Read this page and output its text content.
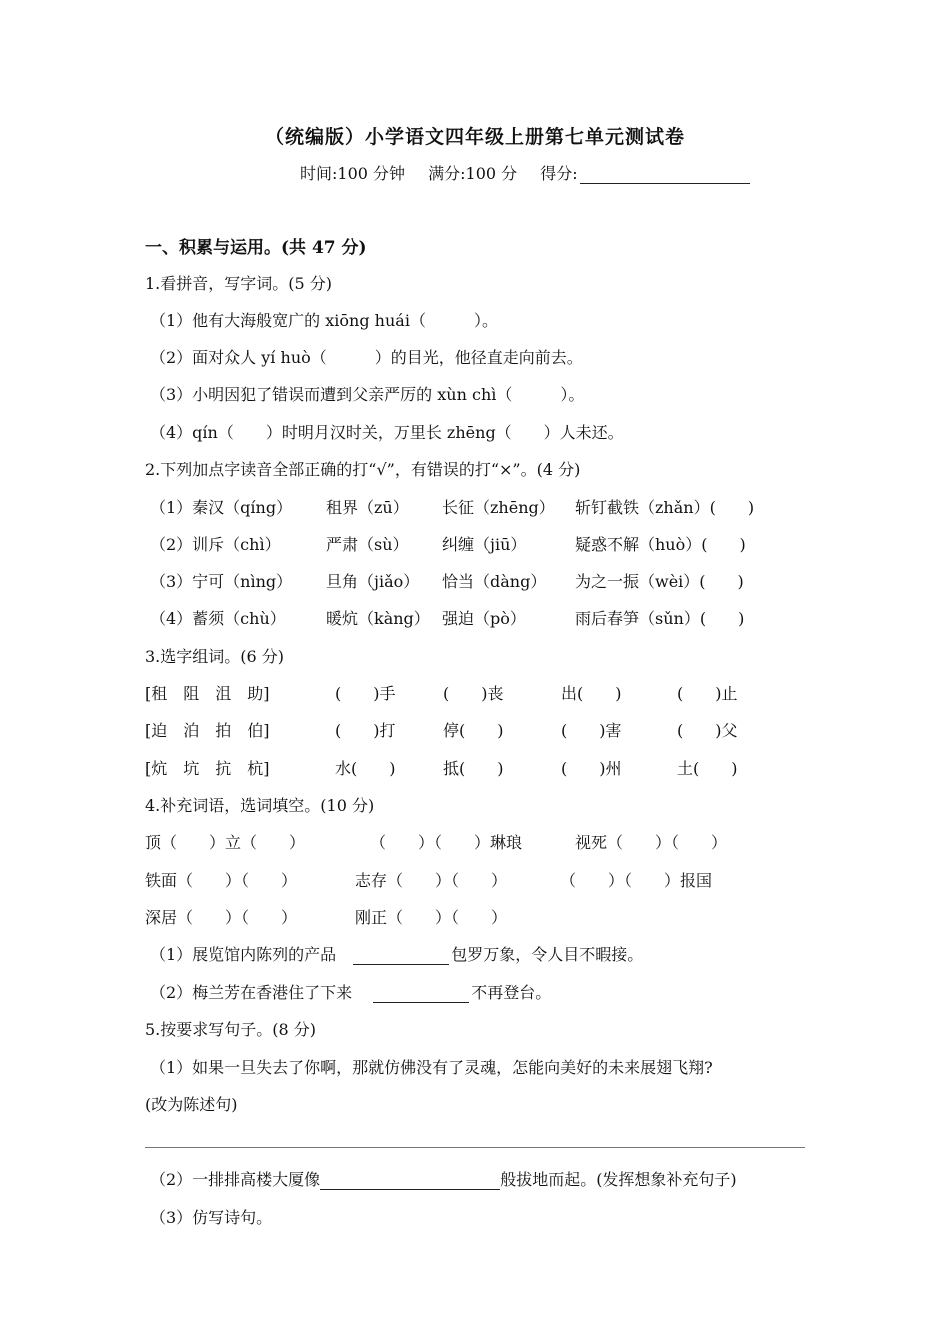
（统编版）小学语文四年级上册第七单元测试卷
时间:100 分钟 满分:100 分 得分:
一、积累与运用。(共 47 分)
1.看拼音，写字词。(5 分)
（1）他有大海般宽广的 xiōng huái（　　　）。
（2）面对众人 yí huò（　　　）的目光，他径直走向前去。
（3）小明因犯了错误而遭到父亲严厉的 xùn chì（　　　）。
（4）qín（　　）时明月汉时关，万里长 zhēng（　　）人未还。
2.下列加点字读音全部正确的打“√”，有错误的打“×”。(4 分)
（1）秦汉（qíng） 租界（zū） 长征（zhēng） 斩钉截铁（zhǎn）(　　)
（2）训斥（chì）	严肃（sù） 纠缠（jiū）	疑惑不解（huò）(　　)
（3）宁可（nìng） 旦角（jiǎo） 恰当（dàng） 为之一振（wèi）(　　)
（4）蓄须（chù）	暖炕（kàng） 强迫（pò）	雨后春笋（sǔn）(　　)
3.选字组词。(6 分)
[租　阻　沮　助]	(　　)手	(　　)丧	出(　　)	(　　)止
[迫　泊　拍　伯]	(　　)打	停(　　)	(　　)害	(　　)父
[炕　坑　抗　杭]	水(　　)	抵(　　)	(　　)州	土(　　)
4.补充词语，选词填空。(10 分)
顶（　　）立（　　）	（　　）（　　）琳琅	视死（　　）（　　）
铁面（　　）（　　）	志存（　　）（　　）	（　　）（　　）报国
深居（　　）（　　）	刚正（　　）（　　）
（1）展览馆内陈列的产品	包罗万象，令人目不暇接。
（2）梅兰芳在香港住了下来	不再登台。
5.按要求写句子。(8 分)
（1）如果一旦失去了你啊，那就仿佛没有了灵魂，怎能向美好的未来展翅飞翔?
(改为陈述句)
（2）一排排高楼大厦像	般拔地而起。(发挥想象补充句子)
（3）仿写诗句。
